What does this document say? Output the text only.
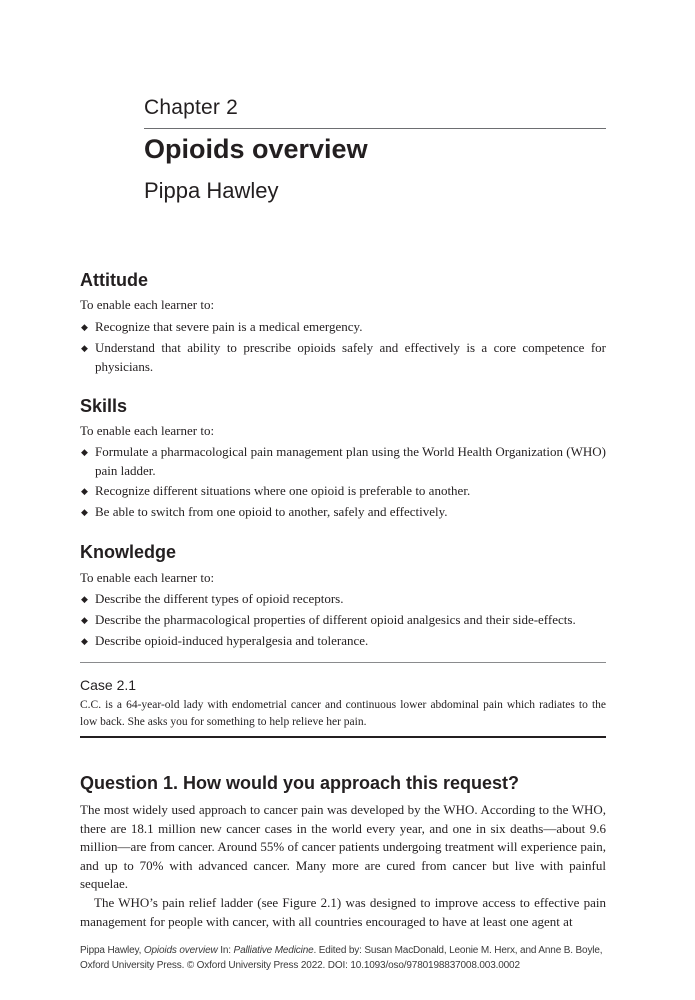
Chapter 2
Opioids overview
Pippa Hawley
Attitude
To enable each learner to:
◆ Recognize that severe pain is a medical emergency.
◆ Understand that ability to prescribe opioids safely and effectively is a core competence for physicians.
Skills
To enable each learner to:
◆ Formulate a pharmacological pain management plan using the World Health Organization (WHO) pain ladder.
◆ Recognize different situations where one opioid is preferable to another.
◆ Be able to switch from one opioid to another, safely and effectively.
Knowledge
To enable each learner to:
◆ Describe the different types of opioid receptors.
◆ Describe the pharmacological properties of different opioid analgesics and their side-effects.
◆ Describe opioid-induced hyperalgesia and tolerance.
Case 2.1
C.C. is a 64-year-old lady with endometrial cancer and continuous lower abdominal pain which radiates to the low back. She asks you for something to help relieve her pain.
Question 1. How would you approach this request?
The most widely used approach to cancer pain was developed by the WHO. According to the WHO, there are 18.1 million new cancer cases in the world every year, and one in six deaths—about 9.6 million—are from cancer. Around 55% of cancer patients undergoing treatment will experience pain, and up to 70% with advanced cancer. Many more are cured from cancer but live with painful sequelae.
The WHO’s pain relief ladder (see Figure 2.1) was designed to improve access to effective pain management for people with cancer, with all countries encouraged to have at least one agent at
Pippa Hawley, Opioids overview In: Palliative Medicine. Edited by: Susan MacDonald, Leonie M. Herx, and Anne B. Boyle, Oxford University Press. © Oxford University Press 2022. DOI: 10.1093/oso/9780198837008.003.0002
